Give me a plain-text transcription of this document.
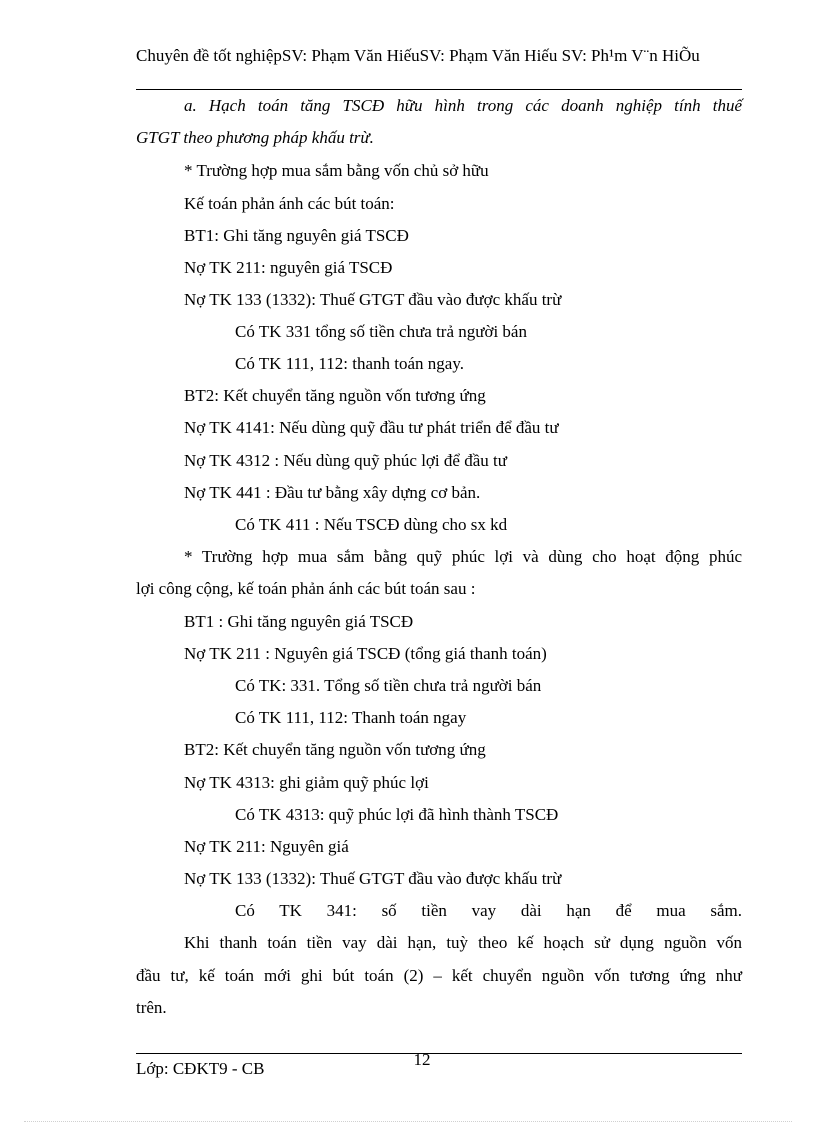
Chuyên đề tốt nghiệpSV: Phạm Văn HiếuSV: Phạm Văn Hiếu SV: Ph¹m V¨n HiÕu
a. Hạch toán tăng TSCĐ hữu hình trong các doanh nghiệp tính thuế
GTGT theo phương pháp khấu trừ.
* Trường hợp mua sắm bằng vốn chủ sở hữu
Kế toán phản ánh các bút toán:
BT1: Ghi tăng nguyên giá TSCĐ
Nợ TK 211: nguyên giá TSCĐ
Nợ TK 133 (1332): Thuế GTGT đầu vào được khấu trừ
Có TK 331 tổng số tiền chưa trả người bán
Có TK 111, 112: thanh toán ngay.
BT2: Kết chuyển tăng nguồn vốn tương ứng
Nợ TK 4141: Nếu dùng quỹ đầu tư phát triển để đầu tư
Nợ TK 4312 : Nếu dùng quỹ phúc lợi để đầu tư
Nợ TK 441 : Đầu tư bằng xây dựng cơ bản.
Có TK 411 : Nếu TSCĐ dùng cho sx kd
* Trường hợp mua sắm bằng quỹ phúc lợi và dùng cho hoạt động phúc
lợi công cộng, kế toán phản ánh các bút toán sau :
BT1 : Ghi tăng nguyên giá TSCĐ
Nợ TK 211 : Nguyên giá TSCĐ (tổng giá thanh toán)
Có TK: 331. Tổng số tiền chưa trả người bán
Có TK 111, 112: Thanh toán ngay
BT2: Kết chuyển tăng nguồn vốn tương ứng
Nợ TK 4313: ghi giảm quỹ phúc lợi
Có TK 4313: quỹ phúc lợi đã hình thành TSCĐ
Nợ TK 211: Nguyên giá
Nợ TK 133 (1332): Thuế GTGT đầu vào được khấu trừ
Có TK 341: số tiền vay dài hạn để mua sắm.
Khi thanh toán tiền vay dài hạn, tuỳ theo kế hoạch sử dụng nguồn vốn
đầu tư, kế toán mới ghi bút toán (2) – kết chuyển nguồn vốn tương ứng như
trên.
12
Lớp: CĐKT9 - CB
